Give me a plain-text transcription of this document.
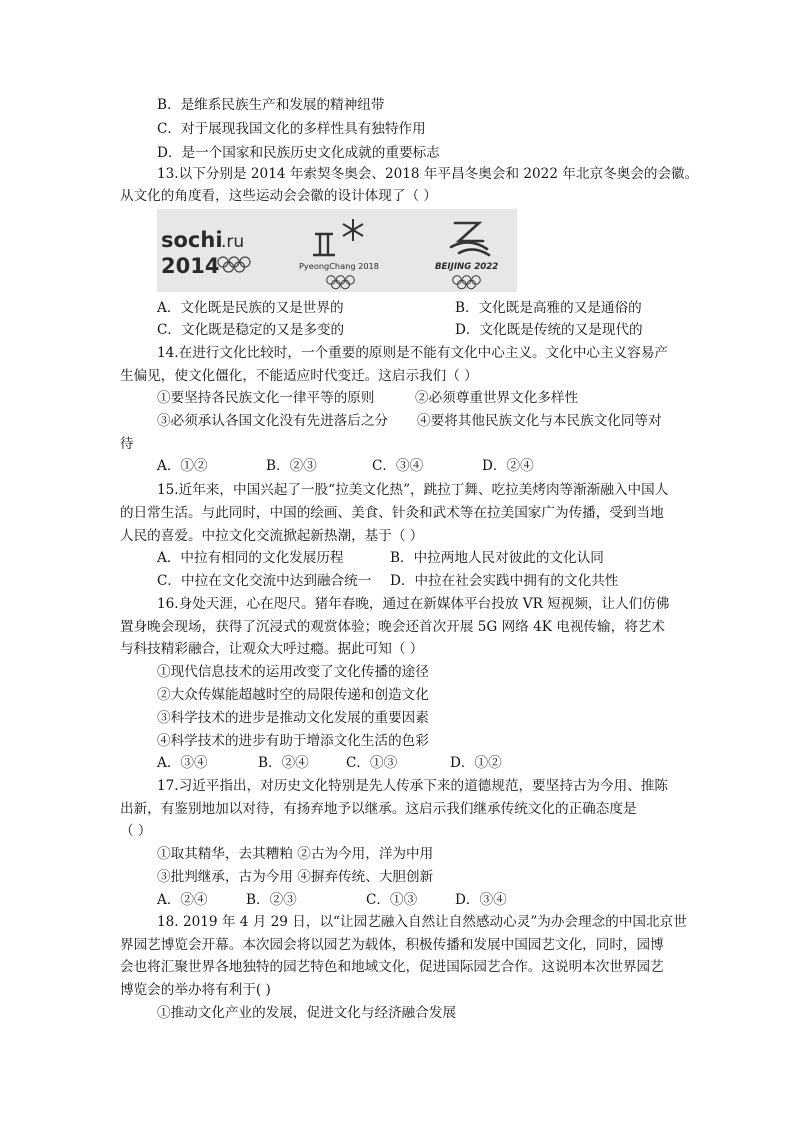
B．是维系民族生产和发展的精神纽带
C．对于展现我国文化的多样性具有独特作用
D．是一个国家和民族历史文化成就的重要标志
13.以下分别是 2014 年索契冬奥会、2018 年平昌冬奥会和 2022 年北京冬奥会的会徽。
从文化的角度看，这些运动会会徽的设计体现了（ ）
sochi
.ru
2014	PyeongChang 2018	BEIJING 2022
A．文化既是民族的又是世界的	B．文化既是高雅的又是通俗的
C．文化既是稳定的又是多变的	D．文化既是传统的又是现代的
14.在进行文化比较时，一个重要的原则是不能有文化中心主义。文化中心主义容易产
生偏见，使文化僵化，不能适应时代变迁。这启示我们（ ）
①要坚持各民族文化一律平等的原则	②必须尊重世界文化多样性
③必须承认各国文化没有先进落后之分 ④要将其他民族文化与本民族文化同等对
待
A．①②	B．②③	C．③④	D．②④
15.近年来，中国兴起了一股“拉美文化热”，跳拉丁舞、吃拉美烤肉等渐渐融入中国人
的日常生活。与此同时，中国的绘画、美食、针灸和武术等在拉美国家广为传播，受到当地
人民的喜爱。中拉文化交流掀起新热潮，基于（ ）
A．中拉有相同的文化发展历程	B．中拉两地人民对彼此的文化认同
C．中拉在文化交流中达到融合统一 D．中拉在社会实践中拥有的文化共性
16.身处天涯，心在咫尺。猪年春晚，通过在新媒体平台投放 VR 短视频，让人们仿佛
置身晚会现场，获得了沉浸式的观赏体验；晚会还首次开展 5G 网络 4K 电视传输，将艺术
与科技精彩融合，让观众大呼过瘾。据此可知（ ）
①现代信息技术的运用改变了文化传播的途径
②大众传媒能超越时空的局限传递和创造文化
③科学技术的进步是推动文化发展的重要因素
④科学技术的进步有助于增添文化生活的色彩
A．③④	B．②④	C．①③	D．①②
17.习近平指出，对历史文化特别是先人传承下来的道德规范，要坚持古为今用、推陈
出新，有鉴别地加以对待，有扬弃地予以继承。这启示我们继承传统文化的正确态度是
（ ）
①取其精华，去其糟粕 ②古为今用，洋为中用
③批判继承，古为今用 ④摒弃传统、大胆创新
A．②④	B．②③	C．①③	D．③④
18. 2019 年 4 月 29 日，以“让园艺融入自然让自然感动心灵”为办会理念的中国北京世
界园艺博览会开幕。本次园会将以园艺为载体，积极传播和发展中国园艺文化，同时，园博
会也将汇聚世界各地独特的园艺特色和地域文化，促进国际园艺合作。这说明本次世界园艺
博览会的举办将有利于( )
①推动文化产业的发展，促进文化与经济融合发展
